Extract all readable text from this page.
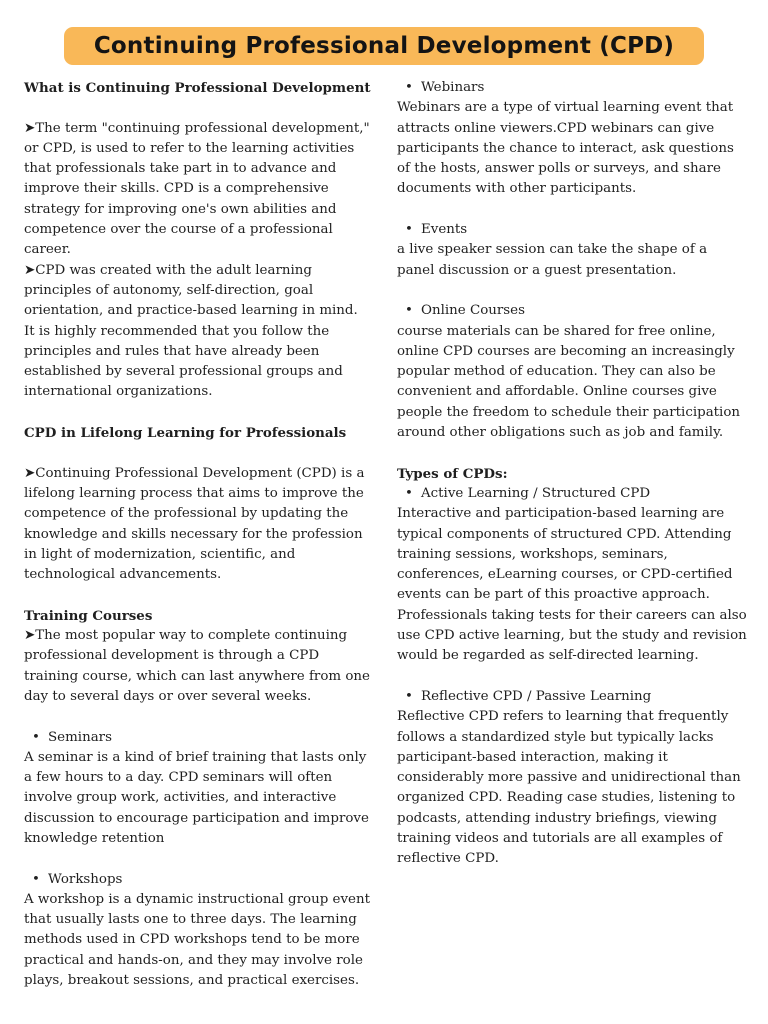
Continuing Professional Development (CPD)
What is Continuing Professional Development

➤The term "continuing professional development," or CPD, is used to refer to the learning activities that professionals take part in to advance and improve their skills. CPD is a comprehensive strategy for improving one's own abilities and competence over the course of a professional career.

➤CPD was created with the adult learning principles of autonomy, self-direction, goal orientation, and practice-based learning in mind. It is highly recommended that you follow the principles and rules that have already been established by several professional groups and international organizations.

CPD in Lifelong Learning for Professionals

➤Continuing Professional Development (CPD) is a lifelong learning process that aims to improve the competence of the professional by updating the knowledge and skills necessary for the profession in light of modernization, scientific, and technological advancements.

Training Courses

➤The most popular way to complete continuing professional development is through a CPD training course, which can last anywhere from one day to several days or over several weeks.

• Seminars

A seminar is a kind of brief training that lasts only a few hours to a day. CPD seminars will often involve group work, activities, and interactive discussion to encourage participation and improve knowledge retention

• Workshops

A workshop is a dynamic instructional group event that usually lasts one to three days. The learning methods used in CPD workshops tend to be more practical and hands-on, and they may involve role plays, breakout sessions, and practical exercises.

• Webinars

Webinars are a type of virtual learning event that attracts online viewers.CPD webinars can give participants the chance to interact, ask questions of the hosts, answer polls or surveys, and share documents with other participants.

• Events

a live speaker session can take the shape of a panel discussion or a guest presentation.

• Online Courses

course materials can be shared for free online, online CPD courses are becoming an increasingly popular method of education. They can also be convenient and affordable. Online courses give people the freedom to schedule their participation around other obligations such as job and family.

Types of CPDs:
• Active Learning / Structured CPD

Interactive and participation-based learning are typical components of structured CPD. Attending training sessions, workshops, seminars, conferences, eLearning courses, or CPD-certified events can be part of this proactive approach. Professionals taking tests for their careers can also use CPD active learning, but the study and revision would be regarded as self-directed learning.

• Reflective CPD / Passive Learning

Reflective CPD refers to learning that frequently follows a standardized style but typically lacks participant-based interaction, making it considerably more passive and unidirectional than organized CPD. Reading case studies, listening to podcasts, attending industry briefings, viewing training videos and tutorials are all examples of reflective CPD.
